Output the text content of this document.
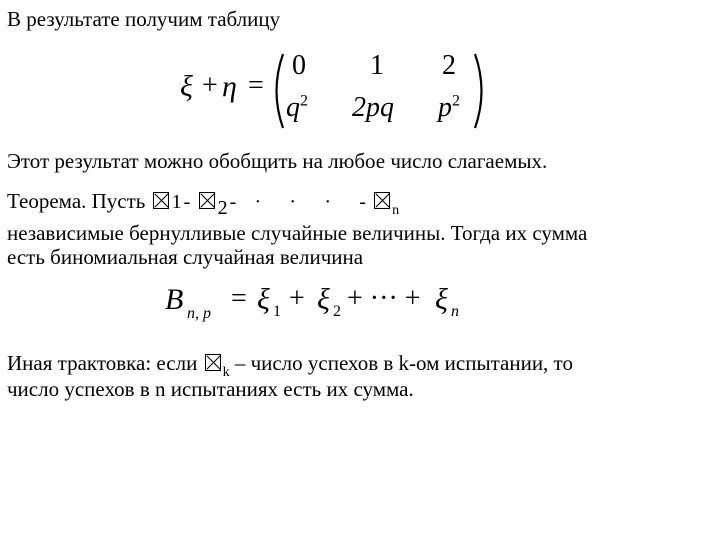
В результате получим таблицу
ξ + η =
0 1 2
$q^2$ 2pq $p^2$
Этот результат можно обобщить на любое число слагаемых.
Теорема. Пусть 1 - 2 - · · · - $_n$
независимые бернулливые случайные величины. Тогда их сумма
есть биномиальная случайная величина
B n, p = ξ 1 + ξ 2 + ··· + ξ n
Иная трактовка: если $_k$ – число успехов в k-ом испытании, то
число успехов в n испытаниях есть их сумма.
